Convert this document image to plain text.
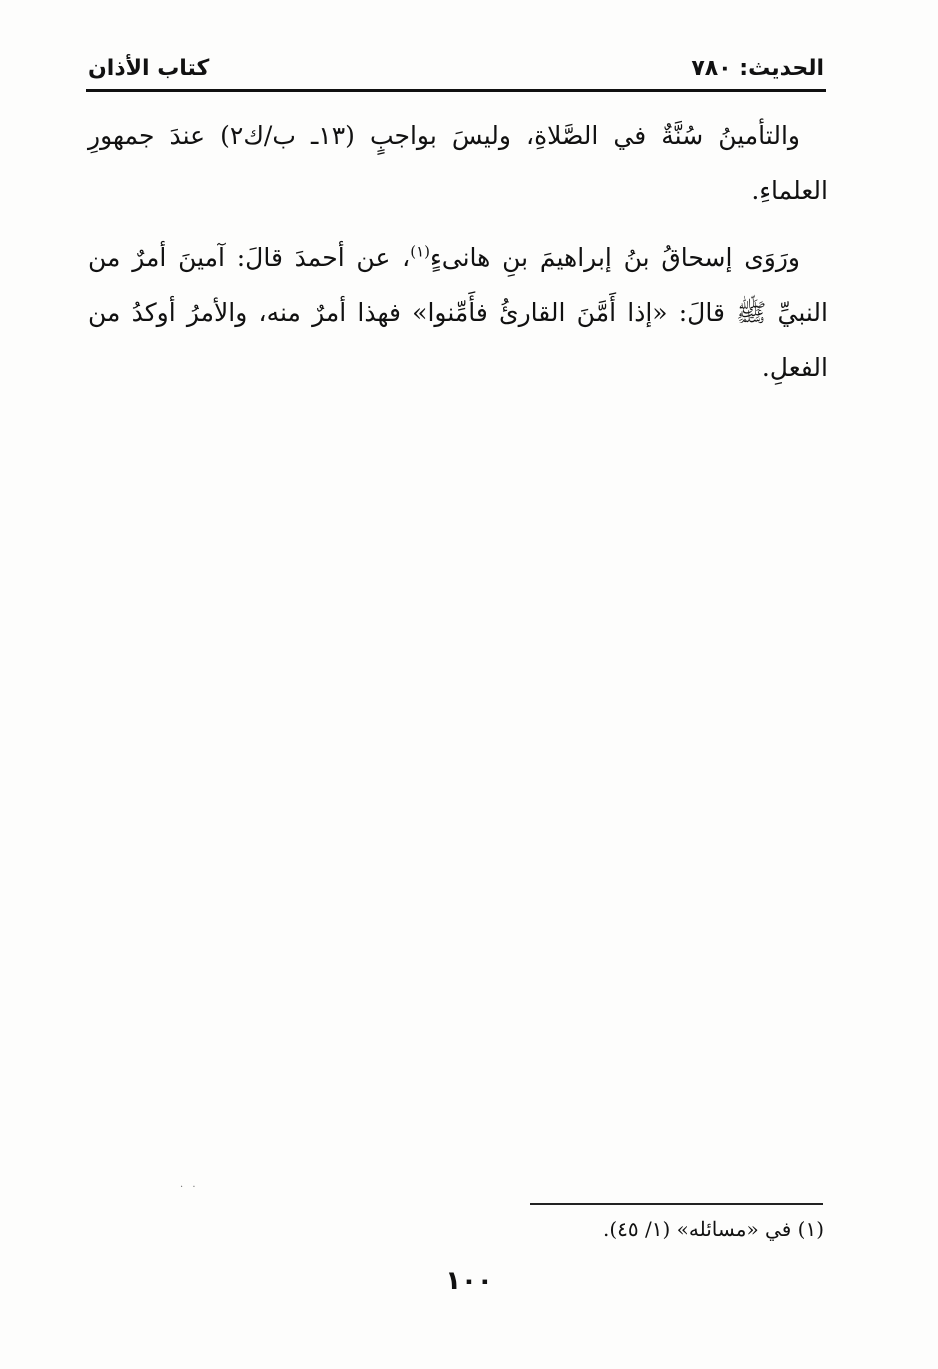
الحديث: ٧٨٠
كتاب الأذان

والتأمينُ سُنَّةٌ في الصَّلاةِ، وليسَ بواجبٍ (١٣ـ ب/ك٢) عندَ جمهورِ العلماءِ.

ورَوَى إسحاقُ بنُ إبراهيمَ بنِ هانىءٍ$^{(١)}$، عن أحمدَ قالَ: آمينَ أمرٌ من النبيِّ ﷺ قالَ: «إذا أَمَّنَ القارئُ فأَمِّنوا» فهذا أمرٌ منه، والأمرُ أوكدُ من الفعلِ.

· ·
(١) في «مسائله» (١/ ٤٥).
١٠٠
